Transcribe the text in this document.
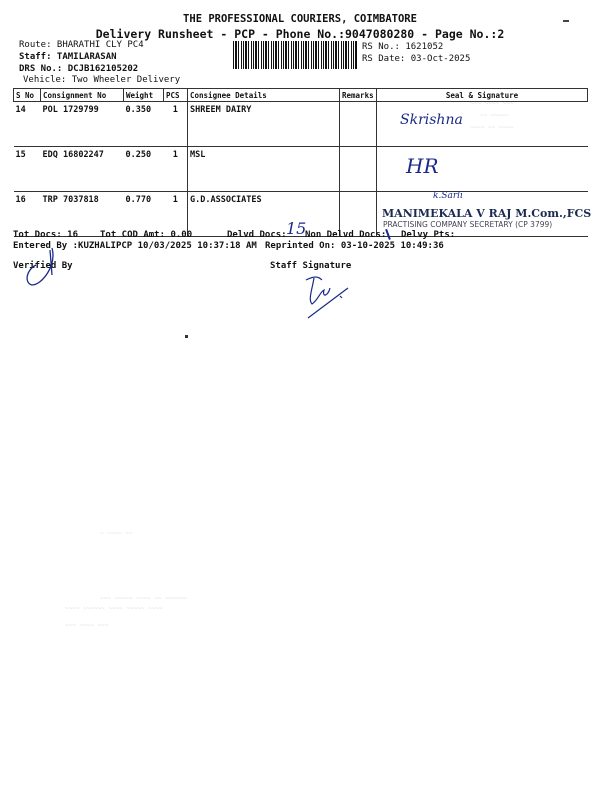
THE PROFESSIONAL COURIERS, COIMBATORE
Delivery Runsheet - PCP - Phone No.:9047080280 - Page No.:2
Route: BHARATHI CLY PC4
Staff: TAMILARASAN
DRS No.: DCJB162105202
Vehicle: Two Wheeler Delivery
RS No.: 1621052
RS Date: 03-Oct-2025
S No	Consignment No	Weight	PCS	Consignee Details	Remarks	Seal & Signature
14	POL 1729799	0.350	1	SHREEM DAIRY		
15	EDQ 16802247	0.250	1	MSL		
16	TRP 7037818	0.770	1	G.D.ASSOCIATES		
~~~ ~~~~ ~~~
~~ ~~~~~
~~~~ ~~ ~~~~
Skrishna
HR
k.Sarli
MANIMEKALA V RAJ M.Com.,FCS
PRACTISING COMPANY SECRETARY (CP 3799)
Tot Docs: 16 Tot COD Amt: 0.00	Delvd Docs: 15
Non Delvd Docs: Delvy Pts:
Entered By :KUZHALIPCP 10/03/2025 10:37:18 AM Reprinted On: 03-10-2025 10:49:36
Verified By	Staff Signature
~ ~~~~ ~~
~~~ ~~~~~ ~~~~ ~~ ~~~~~~
~~~~ ~~~~~~ ~~~~ ~~~~~ ~~~~
~~~ ~~~~ ~~~
